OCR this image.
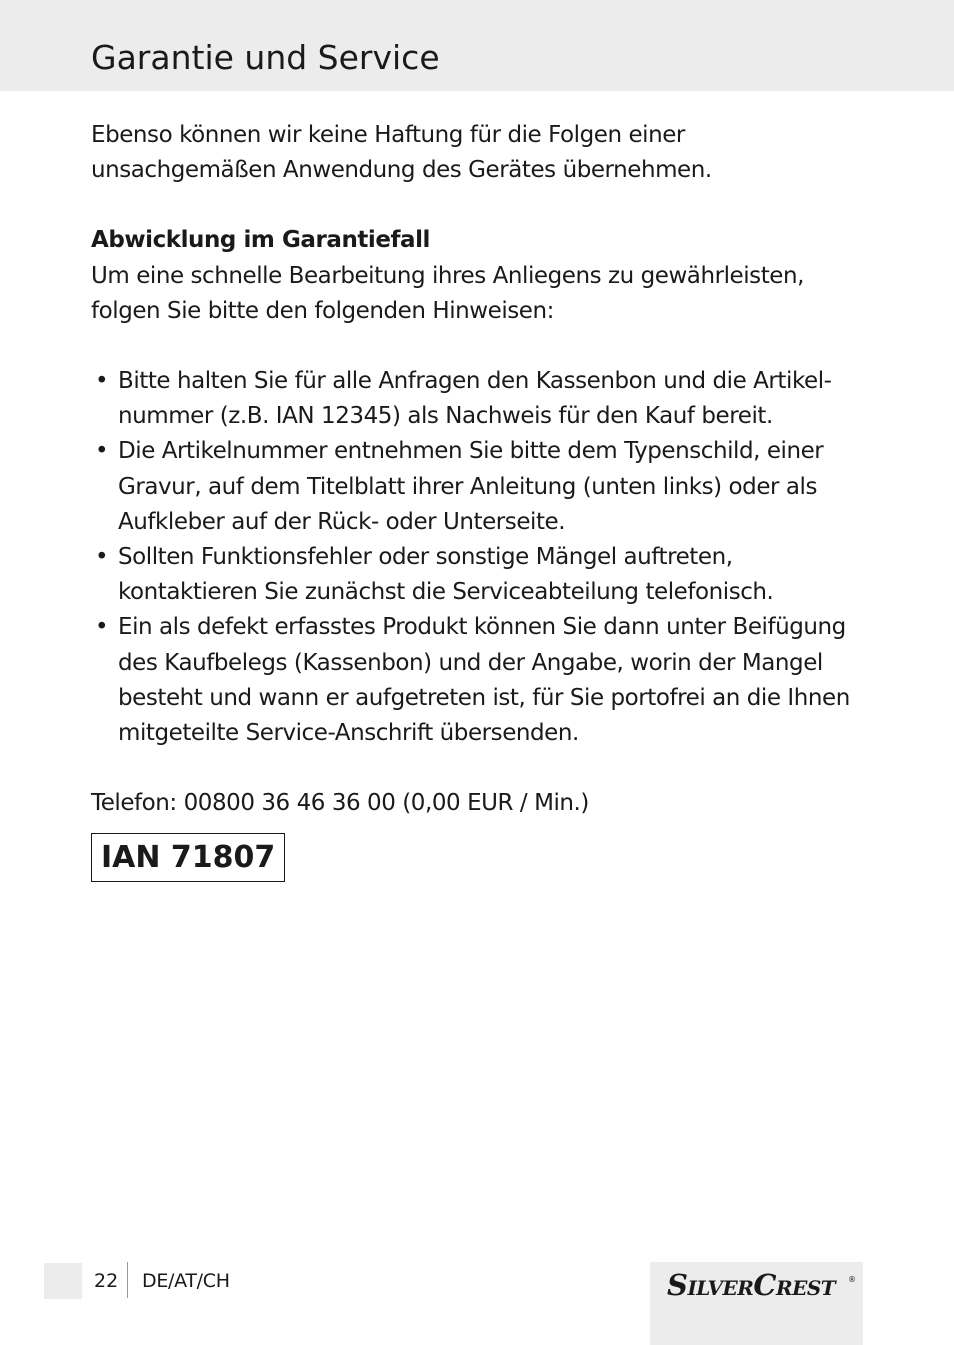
Garantie und Service

Ebenso können wir keine Haftung für die Folgen einer unsachgemäßen Anwendung des Gerätes übernehmen.

Abwicklung im Garantiefall

Um eine schnelle Bearbeitung ihres Anliegens zu gewährleisten, folgen Sie bitte den folgenden Hinweisen:

• Bitte halten Sie für alle Anfragen den Kassenbon und die Artikelnummer (z.B. IAN 12345) als Nachweis für den Kauf bereit.
• Die Artikelnummer entnehmen Sie bitte dem Typenschild, einer Gravur, auf dem Titelblatt ihrer Anleitung (unten links) oder als Aufkleber auf der Rück- oder Unterseite.
• Sollten Funktionsfehler oder sonstige Mängel auftreten, kontaktieren Sie zunächst die Serviceabteilung telefonisch.
• Ein als defekt erfasstes Produkt können Sie dann unter Beifügung des Kaufbelegs (Kassenbon) und der Angabe, worin der Mangel besteht und wann er aufgetreten ist, für Sie portofrei an die Ihnen mitgeteilte Service-Anschrift übersenden.

Telefon: 00800 36 46 36 00 (0,00 EUR / Min.)

IAN 71807
22 DE/AT/CH	SILVERCREST	®
